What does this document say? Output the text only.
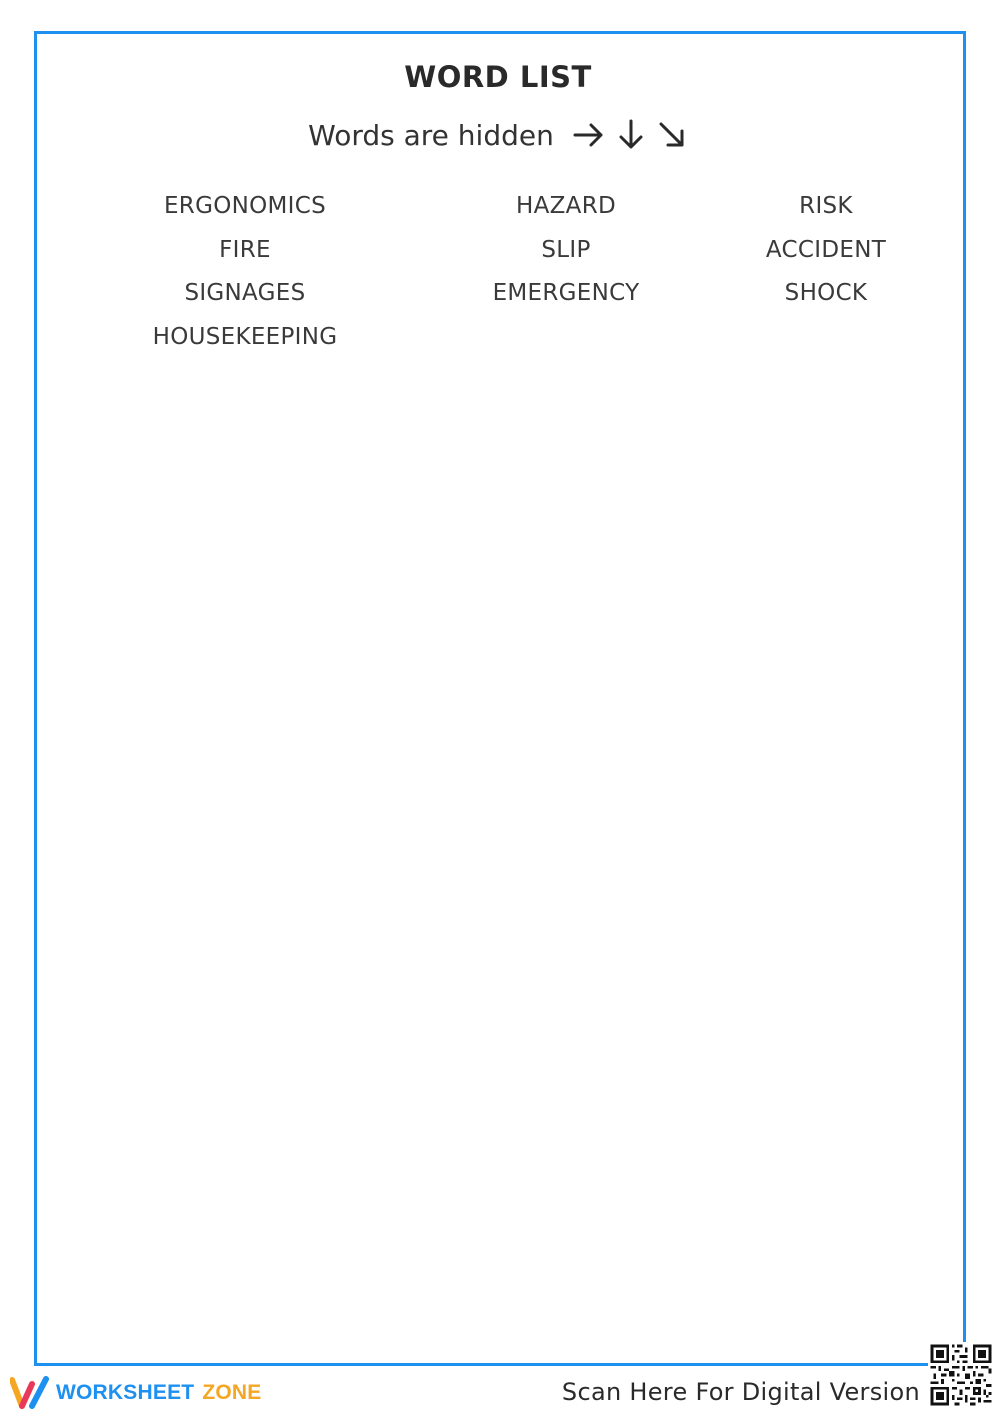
WORD LIST
Words are hidden
ERGONOMICS
FIRE
SIGNAGES
HOUSEKEEPING
HAZARD
SLIP
EMERGENCY
RISK
ACCIDENT
SHOCK
WORKSHEET ZONE	Scan Here For Digital Version
